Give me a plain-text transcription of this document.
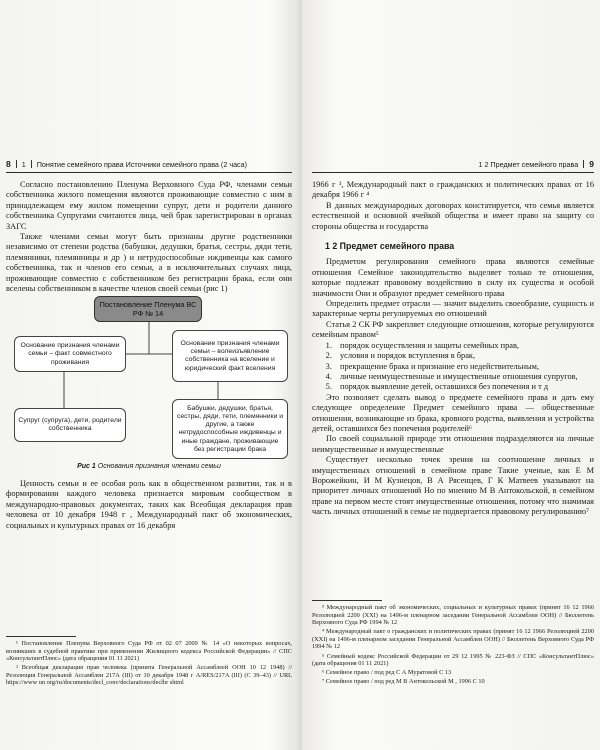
8 1 Понятие семейного права Источники семейного права (2 часа)

Согласно постановлению Пленума Верховного Суда РФ, членами семьи собственника жилого помещения являются проживающие совместно с ним в принадлежащем ему жилом помещении супруг, дети и родители данного собственника Супругами считаются лица, чей брак зарегистрирован в органах ЗАГС

Также членами семьи могут быть признаны другие родственники независимо от степени родства (бабушки, дедушки, братья, сестры, дяди тети, племянники, племянницы и др ) и нетрудоспособные иждивенцы как самого собственника, так и членов его семьи, а в исключительных случаях лица, проживающие совместно с собственником без регистрации брака, если они вселены собственником в качестве членов своей семьи (рис 1)

Постановление Пленума ВС РФ № 14
Основание признания членами семьи – факт совместного проживания
Основание признания членами семьи – волеизъявление собственника на вселение и юридический факт вселения
Супруг (супруга), дети, родители собственника
Бабушки, дедушки, братья, сестры, дяди, тети, племянники и другие, а также нетрудоспособные иждивенцы и иные граждане, проживающие без регистрации брака
Рис 1 Основания признания членами семьи

Ценность семьи и ее особая роль как в общественном развитии, так и в формировании каждого человека признается мировым сообществом в международно-правовых документах, таких как Всеобщая декларация прав человека от 10 декабря 1948 г , Международный пакт об экономических, социальных и культурных правах от 16 декабря

¹ Постановление Пленума Верховного Суда РФ от 02 07 2009 № 14 «О некоторых вопросах, возникших в судебной практике при применении Жилищного кодекса Российской Федерации» // СПС «КонсультантПлюс» (дата обращения 01 11 2021)

² Всеобщая декларация прав человека (принята Генеральной Ассамблеей ООН 10 12 1948) // Резолюция Генеральной Ассамблеи 217А (III) от 10 декабря 1948 г A/RES/217A (III) (С 39–43) // URL https://www un org/ru/documents/decl_conv/declarations/declhr shtml

1 2 Предмет семейного права 9

1966 г ³, Международный пакт о гражданских и политических правах от 16 декабря 1966 г ⁴

В данных международных договорах констатируется, что семья является естественной и основной ячейкой общества и имеет право на защиту со стороны общества и государства

1 2 Предмет семейного права

Предметом регулирования семейного права являются семейные отношения Семейное законодательство выделяет только те отношения, которые подлежат правовому воздействию в силу их существа и особой значимости Они и образуют предмет семейного права

Определить предмет отрасли — значит выделить своеобразие, сущность и характерные черты регулируемых ею отношений

Статья 2 СК РФ закрепляет следующие отношения, которые регулируются семейным правом⁵

1. порядок осуществления и защиты семейных прав,
2. условия и порядок вступления в брак,
3. прекращение брака и признание его недействительным,
4. личные неимущественные и имущественные отношения супругов,
5. порядок выявление детей, оставшихся без попечения и т д

Это позволяет сделать вывод о предмете семейного права и дать ему следующее определение Предмет семейного права — общественные отношения, возникающие из брака, кровного родства, выявления и устройства детей, оставшихся без попечения родителей⁶

По своей социальной природе эти отношения подразделяются на личные неимущественные и имущественные

Существует несколько точек зрения на соотношение личных и имущественных отношений в семейном праве Такие ученые, как Е М Ворожейкин, И М Кузнецов, В А Рясенцев, Г К Матвеев указывают на приоритет личных отношений Но по мнению М В Антокольской, в семейном праве на первом месте стоят имущественные отношения, потому что значимая часть личных отношений в семье не подвергается правовому регулированию⁷

³ Международный пакт об экономических, социальных и культурных правах (принят 16 12 1966 Резолюцией 2200 (XXI) на 1496-м пленарном заседании Генеральной Ассамблеи ООН) // Бюллетень Верховного Суда РФ 1994 № 12

⁴ Международный пакт о гражданских и политических правах (принят 16 12 1966 Резолюцией 2200 (XXI) на 1496-м пленарном заседании Генеральной Ассамблеи ООН) // Бюллетень Верховного Суда РФ 1994 № 12

⁵ Семейный кодекс Российской Федерации от 29 12 1995 № 223-ФЗ // СПС «КонсультантПлюс» (дата обращения 01 11 2021)

⁶ Семейное право / под ред С А Муратовой С 13

⁷ Семейное право / под ред М В Антокольской М , 1996 С 10
